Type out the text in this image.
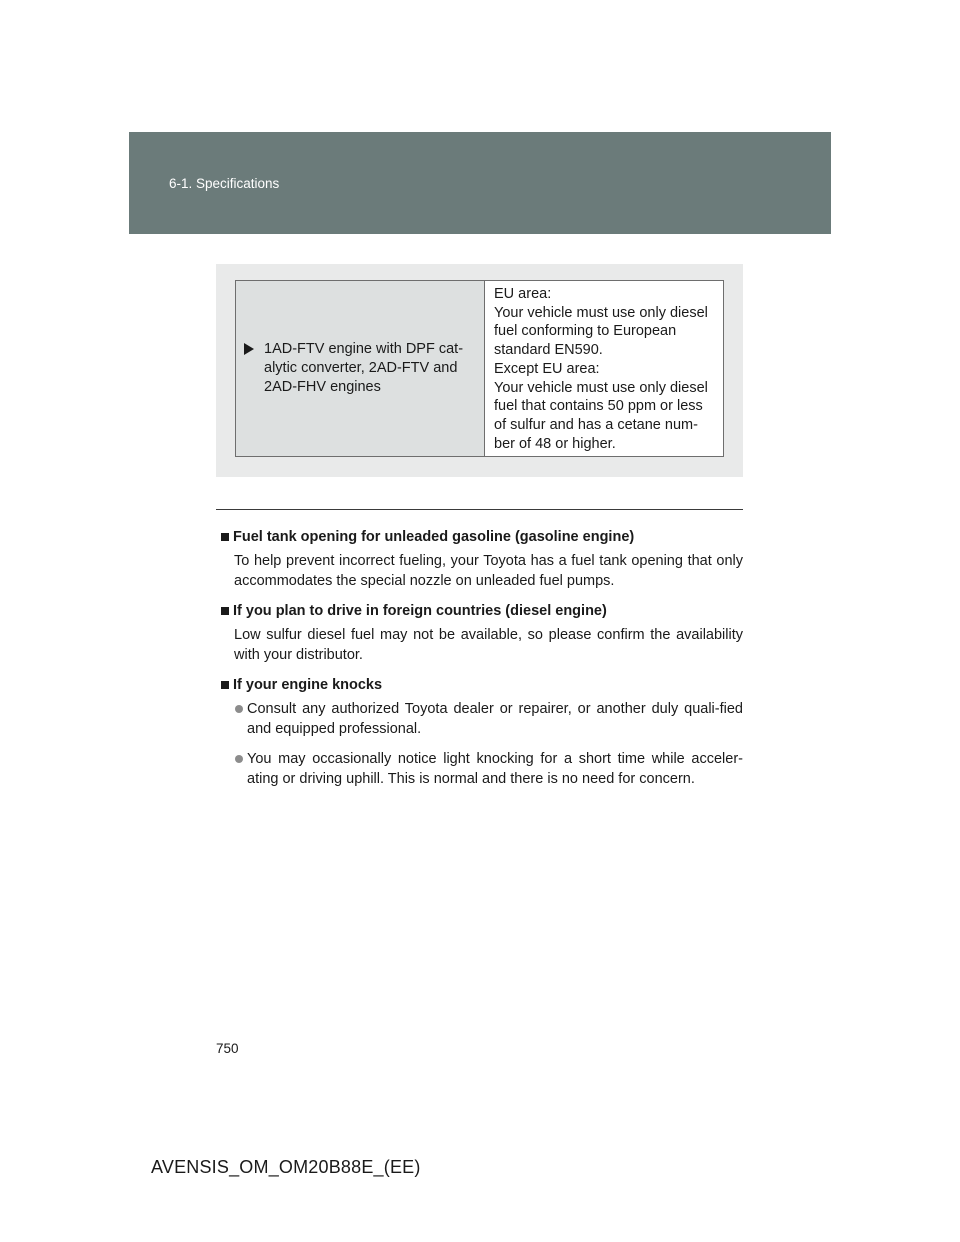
6-1. Specifications
1AD-FTV engine with DPF cat-
alytic converter, 2AD-FTV and
2AD-FHV engines
EU area:
Your vehicle must use only diesel
fuel conforming to European
standard EN590.
Except EU area:
Your vehicle must use only diesel
fuel that contains 50 ppm or less
of sulfur and has a cetane num-
ber of 48 or higher.
Fuel tank opening for unleaded gasoline (gasoline engine)
To help prevent incorrect fueling, your Toyota has a fuel tank opening that only accommodates the special nozzle on unleaded fuel pumps.
If you plan to drive in foreign countries (diesel engine)
Low sulfur diesel fuel may not be available, so please confirm the availability with your distributor.
If your engine knocks
Consult any authorized Toyota dealer or repairer, or another duly quali-fied and equipped professional.
You may occasionally notice light knocking for a short time while acceler-ating or driving uphill. This is normal and there is no need for concern.
750
AVENSIS_OM_OM20B88E_(EE)
